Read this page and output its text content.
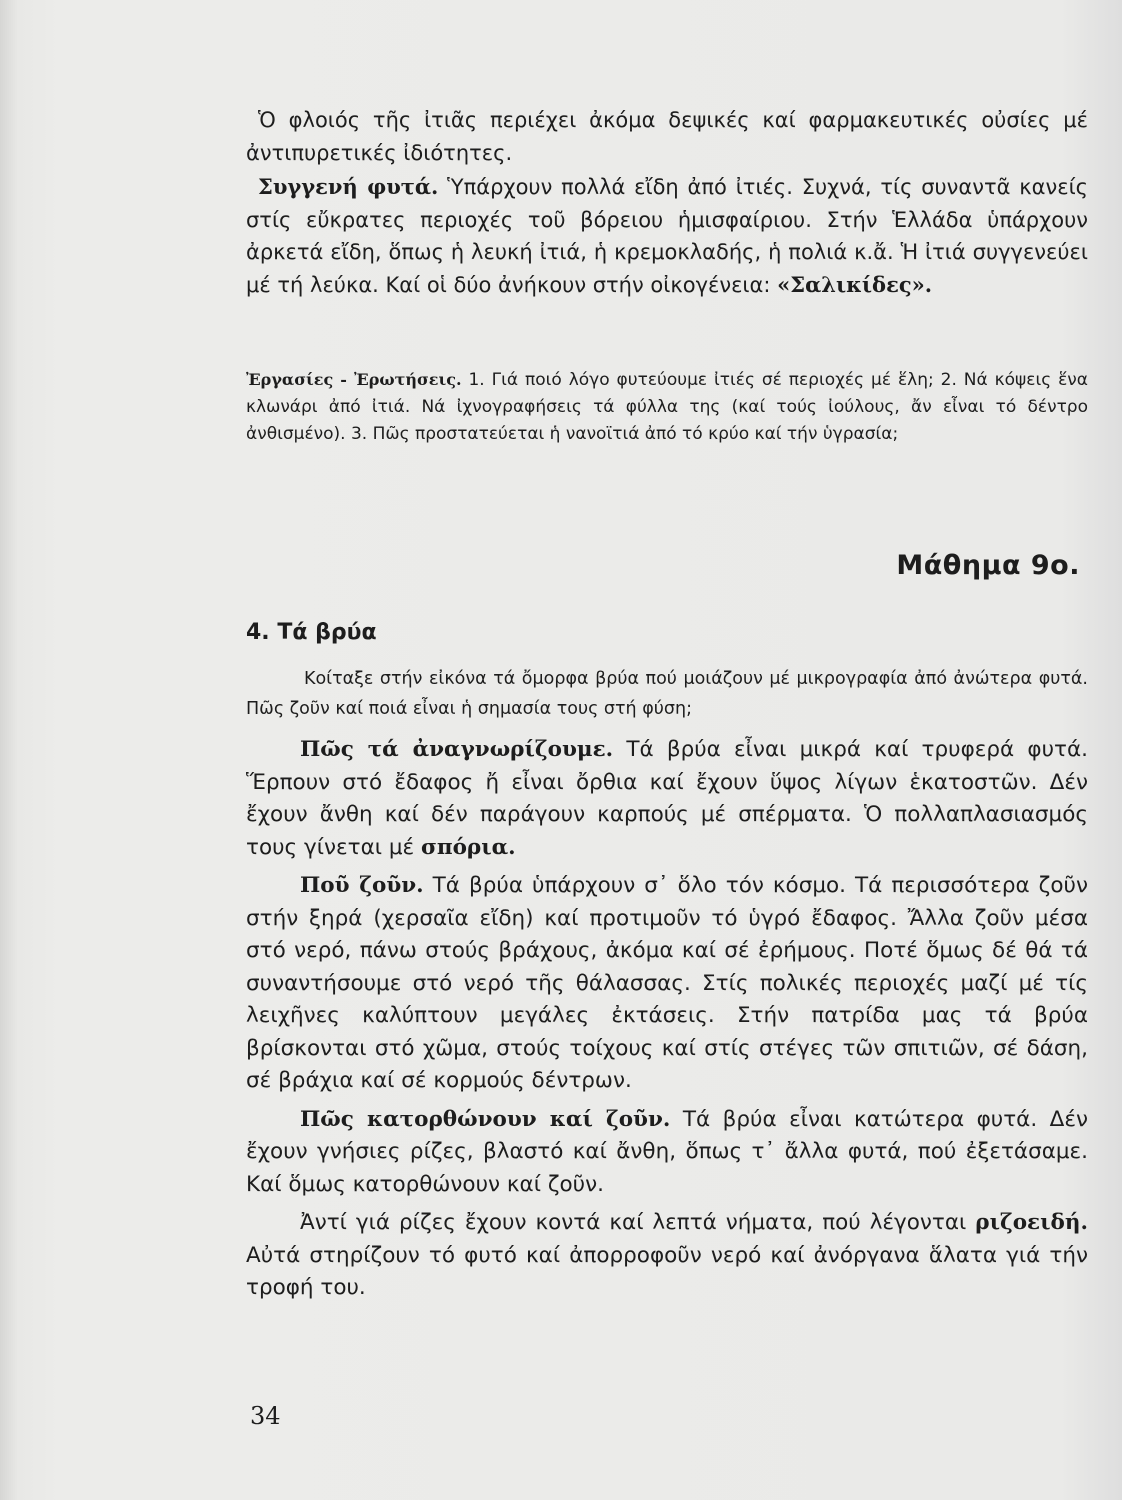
Ὁ φλοιός τῆς ἰτιᾶς περιέχει ἀκόμα δεψικές καί φαρμακευτικές οὐσίες μέ ἀντιπυρετικές ἰδιότητες.

Συγγενή φυτά. Ὑπάρχουν πολλά εἴδη ἀπό ἰτιές. Συχνά, τίς συναντᾶ κανείς στίς εὔκρατες περιοχές τοῦ βόρειου ἡμισφαίριου. Στήν Ἑλλάδα ὑπάρχουν ἀρκετά εἴδη, ὅπως ἡ λευκή ἰτιά, ἡ κρεμοκλαδής, ἡ πολιά κ.ἄ. Ἡ ἰτιά συγγενεύει μέ τή λεύκα. Καί οἱ δύο ἀνήκουν στήν οἰκογένεια: «Σαλικίδες».

Ἐργασίες - Ἐρωτήσεις. 1. Γιά ποιό λόγο φυτεύουμε ἰτιές σέ περιοχές μέ ἕλη; 2. Νά κόψεις ἕνα κλωνάρι ἀπό ἰτιά. Νά ἰχνογραφήσεις τά φύλλα της (καί τούς ἰούλους, ἄν εἶναι τό δέντρο ἀνθισμένο). 3. Πῶς προστατεύεται ἡ νανοϊτιά ἀπό τό κρύο καί τήν ὑγρασία;

Μάθημα 9ο.
4. Τά βρύα

Κοίταξε στήν εἰκόνα τά ὄμορφα βρύα πού μοιάζουν μέ μικρογραφία ἀπό ἀνώτερα φυτά. Πῶς ζοῦν καί ποιά εἶναι ἡ σημασία τους στή φύση;

Πῶς τά ἀναγνωρίζουμε. Τά βρύα εἶναι μικρά καί τρυφερά φυτά. Ἕρπουν στό ἔδαφος ἤ εἶναι ὄρθια καί ἔχουν ὕψος λίγων ἑκατοστῶν. Δέν ἔχουν ἄνθη καί δέν παράγουν καρπούς μέ σπέρματα. Ὁ πολλαπλασιασμός τους γίνεται μέ σπόρια.

Ποῦ ζοῦν. Τά βρύα ὑπάρχουν σ᾽ ὅλο τόν κόσμο. Τά περισσότερα ζοῦν στήν ξηρά (χερσαῖα εἴδη) καί προτιμοῦν τό ὑγρό ἔδαφος. Ἄλλα ζοῦν μέσα στό νερό, πάνω στούς βράχους, ἀκόμα καί σέ ἐρήμους. Ποτέ ὅμως δέ θά τά συναντήσουμε στό νερό τῆς θάλασσας. Στίς πολικές περιοχές μαζί μέ τίς λειχῆνες καλύπτουν μεγάλες ἐκτάσεις. Στήν πατρίδα μας τά βρύα βρίσκονται στό χῶμα, στούς τοίχους καί στίς στέγες τῶν σπιτιῶν, σέ δάση, σέ βράχια καί σέ κορμούς δέντρων.

Πῶς κατορθώνουν καί ζοῦν. Τά βρύα εἶναι κατώτερα φυτά. Δέν ἔχουν γνήσιες ρίζες, βλαστό καί ἄνθη, ὅπως τ᾽ ἄλλα φυτά, πού ἐξετάσαμε. Καί ὅμως κατορθώνουν καί ζοῦν.

Ἀντί γιά ρίζες ἔχουν κοντά καί λεπτά νήματα, πού λέγονται ριζοειδή. Αὐτά στηρίζουν τό φυτό καί ἀπορροφοῦν νερό καί ἀνόργανα ἅλατα γιά τήν τροφή του.

34
